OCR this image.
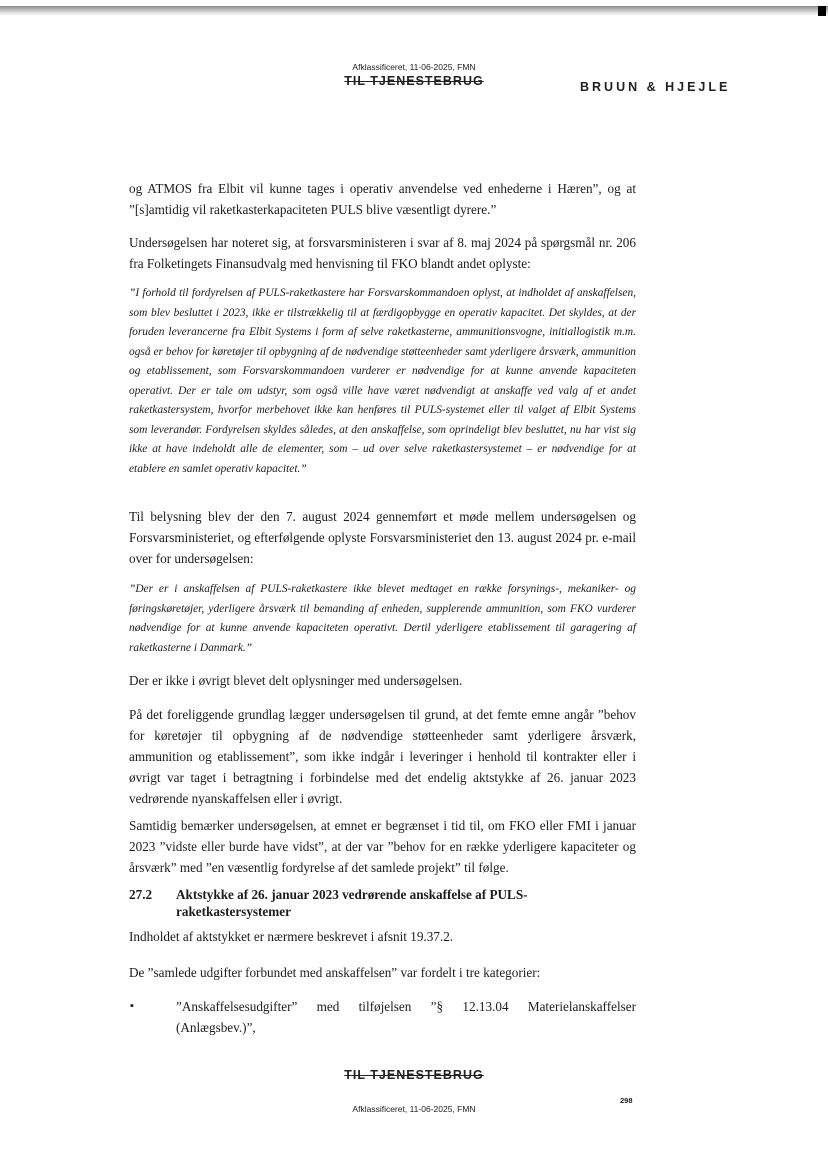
Afklassificeret, 11-06-2025, FMN
TIL TJENESTEBRUG	BRUUN & HJEJLE

og ATMOS fra Elbit vil kunne tages i operativ anvendelse ved enhederne i Hæren”, og at ”[s]amtidig vil raketkasterkapaciteten PULS blive væsentligt dyrere.”

Undersøgelsen har noteret sig, at forsvarsministeren i svar af 8. maj 2024 på spørgsmål nr. 206 fra Folketingets Finansudvalg med henvisning til FKO blandt andet oplyste:

”I forhold til fordyrelsen af PULS-raketkastere har Forsvarskommandoen oplyst, at indholdet af anskaffelsen, som blev besluttet i 2023, ikke er tilstrækkelig til at færdigopbygge en operativ kapacitet. Det skyldes, at der foruden leverancerne fra Elbit Systems i form af selve raketkasterne, ammunitionsvogne, initiallogistik m.m. også er behov for køretøjer til opbygning af de nødvendige støtteenheder samt yderligere årsværk, ammunition og etablissement, som Forsvarskommandoen vurderer er nødvendige for at kunne anvende kapaciteten operativt. Der er tale om udstyr, som også ville have været nødvendigt at anskaffe ved valg af et andet raketkastersystem, hvorfor merbehovet ikke kan henføres til PULS-systemet eller til valget af Elbit Systems som leverandør. Fordyrelsen skyldes således, at den anskaffelse, som oprindeligt blev besluttet, nu har vist sig ikke at have indeholdt alle de elementer, som – ud over selve raketkastersystemet – er nødvendige for at etablere en samlet operativ kapacitet.”

Til belysning blev der den 7. august 2024 gennemført et møde mellem undersøgelsen og Forsvarsministeriet, og efterfølgende oplyste Forsvarsministeriet den 13. august 2024 pr. e-mail over for undersøgelsen:

”Der er i anskaffelsen af PULS-raketkastere ikke blevet medtaget en række forsynings-, mekaniker- og føringskøretøjer, yderligere årsværk til bemanding af enheden, supplerende ammunition, som FKO vurderer nødvendige for at kunne anvende kapaciteten operativt. Dertil yderligere etablissement til garagering af raketkasterne i Danmark.”

Der er ikke i øvrigt blevet delt oplysninger med undersøgelsen.

På det foreliggende grundlag lægger undersøgelsen til grund, at det femte emne angår ”behov for køretøjer til opbygning af de nødvendige støtteenheder samt yderligere årsværk, ammunition og etablissement”, som ikke indgår i leveringer i henhold til kontrakter eller i øvrigt var taget i betragtning i forbindelse med det endelig aktstykke af 26. januar 2023 vedrørende nyanskaffelsen eller i øvrigt.

Samtidig bemærker undersøgelsen, at emnet er begrænset i tid til, om FKO eller FMI i januar 2023 ”vidste eller burde have vidst”, at der var ”behov for en række yderligere kapaciteter og årsværk” med ”en væsentlig fordyrelse af det samlede projekt” til følge.

27.2 Aktstykke af 26. januar 2023 vedrørende anskaffelse af PULS-raketkastersystemer

Indholdet af aktstykket er nærmere beskrevet i afsnit 19.37.2.

De ”samlede udgifter forbundet med anskaffelsen” var fordelt i tre kategorier:

▪	”Anskaffelsesudgifter” med tilføjelsen ”§ 12.13.04 Materielanskaffelser (Anlægsbev.)”,

TIL TJENESTEBRUG
298
Afklassificeret, 11-06-2025, FMN
